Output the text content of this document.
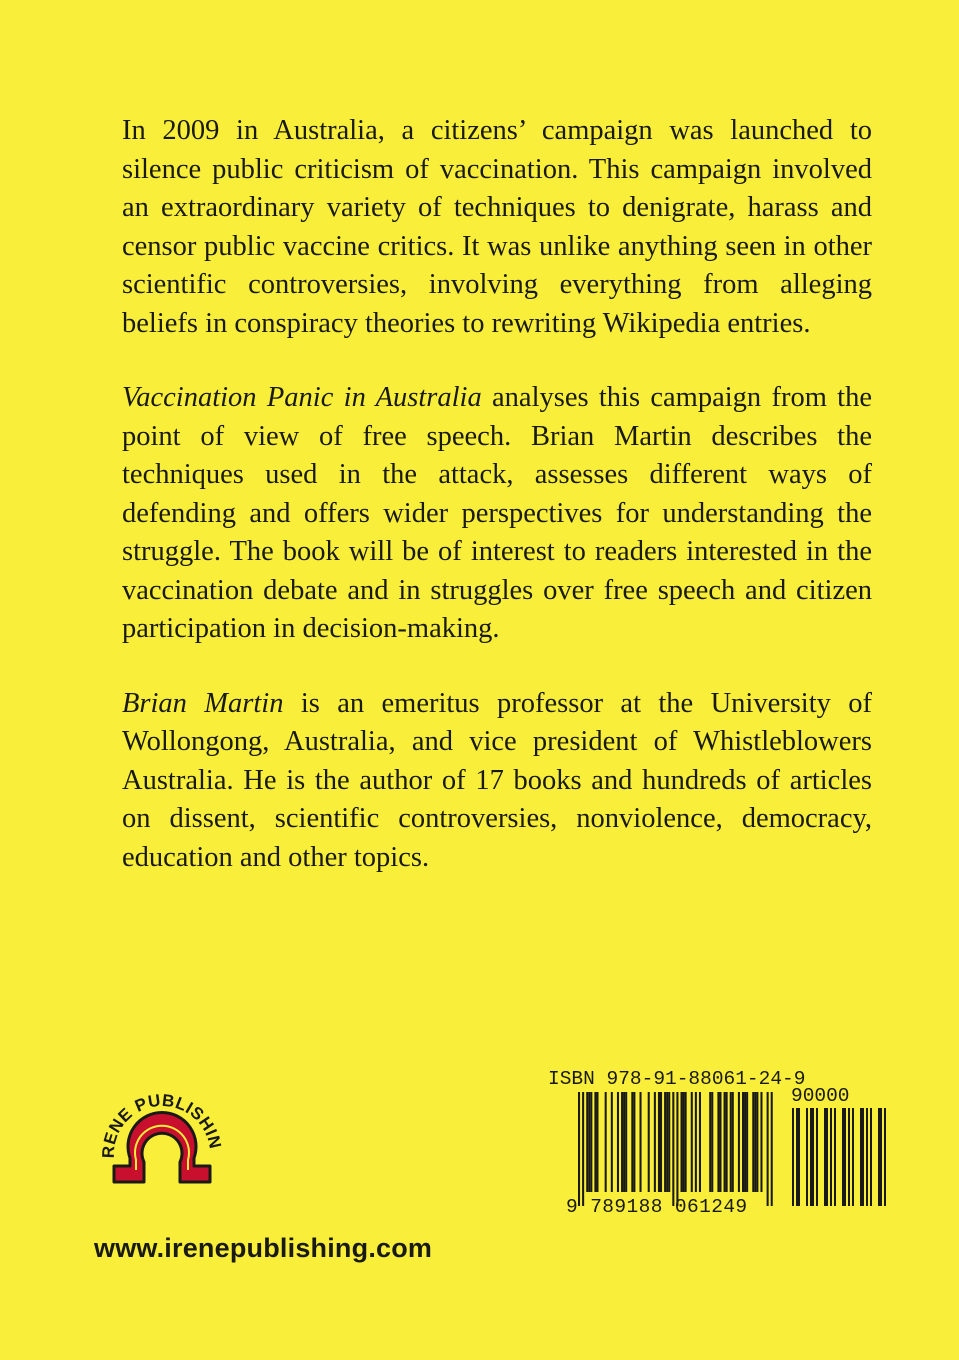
In 2009 in Australia, a citizens’ campaign was launched to silence public criticism of vaccination. This campaign involved an extraordinary variety of techniques to denigrate, harass and censor public vaccine critics. It was unlike anything seen in other scientific controversies, involving everything from alleging beliefs in conspiracy theories to rewriting Wikipedia entries.

Vaccination Panic in Australia analyses this campaign from the point of view of free speech. Brian Martin describes the techniques used in the attack, assesses different ways of defending and offers wider perspectives for understanding the struggle. The book will be of interest to readers interested in the vaccination debate and in struggles over free speech and citizen participation in decision-making.

Brian Martin is an emeritus professor at the University of Wollongong, Australia, and vice president of Whistleblowers Australia. He is the author of 17 books and hundreds of articles on dissent, scientific controversies, nonviolence, democracy, education and other topics.

RENE PUBLISHIN
www.irenepublishing.com
ISBN 978-91-88061-24-9
90000
9 789188 061249
